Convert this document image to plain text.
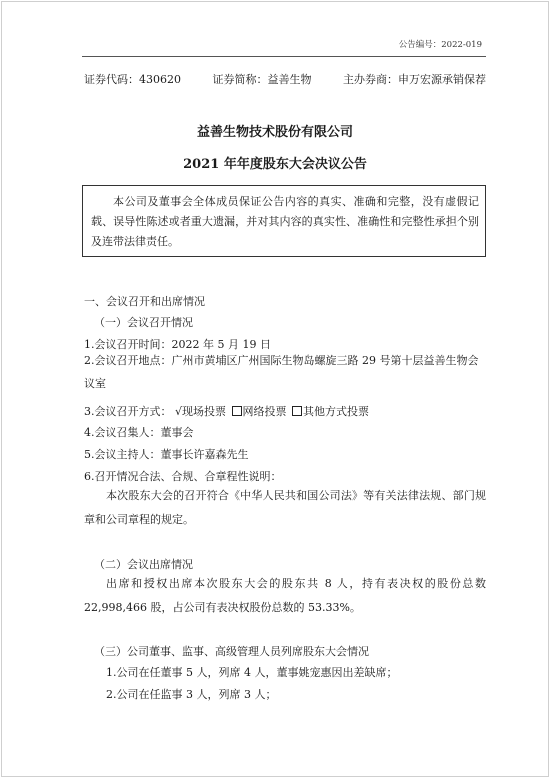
公告编号：2022-019
证券代码：430620	证券简称：益善生物	主办券商：申万宏源承销保荐
益善生物技术股份有限公司
2021 年年度股东大会决议公告
本公司及董事会全体成员保证公告内容的真实、准确和完整，没有虚假记载、误导性陈述或者重大遗漏，并对其内容的真实性、准确性和完整性承担个别及连带法律责任。
一、会议召开和出席情况
（一）会议召开情况
1.会议召开时间：2022 年 5 月 19 日
2.会议召开地点：广州市黄埔区广州国际生物岛螺旋三路 29 号第十层益善生物会议室
3.会议召开方式： √现场投票 网络投票 其他方式投票
4.会议召集人：董事会
5.会议主持人：董事长许嘉森先生
6.召开情况合法、合规、合章程性说明：
本次股东大会的召开符合《中华人民共和国公司法》等有关法律法规、部门规章和公司章程的规定。
（二）会议出席情况
出席和授权出席本次股东大会的股东共 8 人，持有表决权的股份总数 22,998,466 股，占公司有表决权股份总数的 53.33%。
（三）公司董事、监事、高级管理人员列席股东大会情况
1.公司在任董事 5 人，列席 4 人，董事姚宠惠因出差缺席；
2.公司在任监事 3 人，列席 3 人；
